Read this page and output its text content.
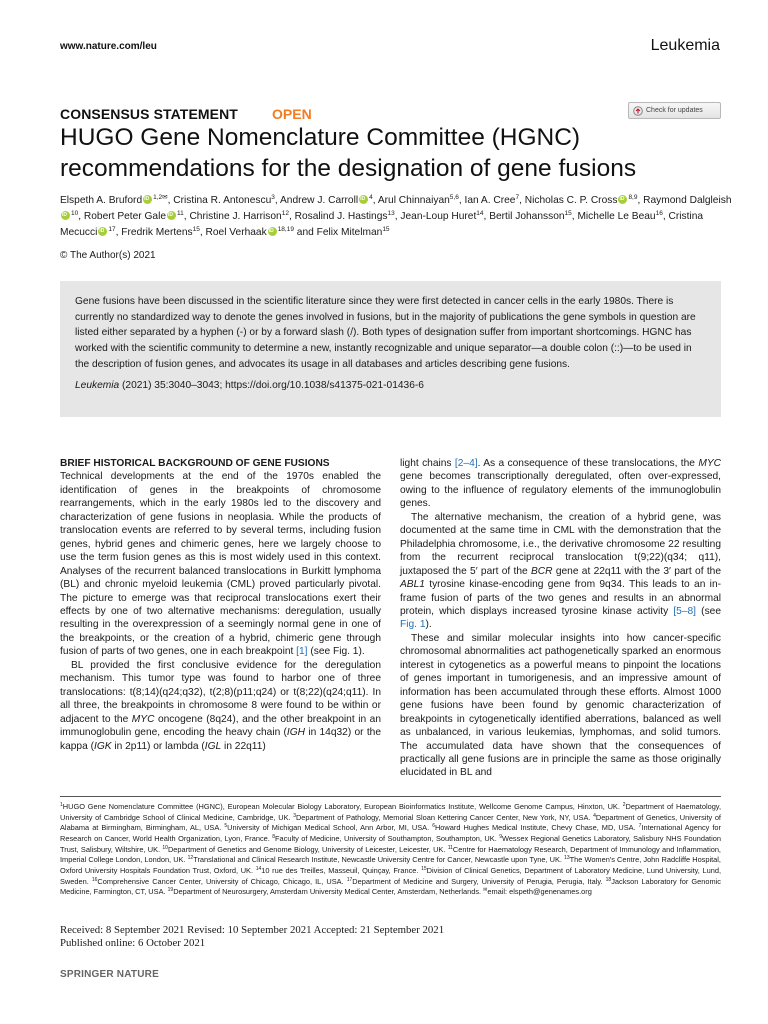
www.nature.com/leu	Leukemia
CONSENSUS STATEMENT OPEN	Check for updates
HUGO Gene Nomenclature Committee (HGNC) recommendations for the designation of gene fusions
Elspeth A. Bruford iD $^{1,2✉}$, Cristina R. Antonescu$^3$, Andrew J. Carroll iD $^4$, Arul Chinnaiyan$^{5,6}$, Ian A. Cree$^7$, Nicholas C. P. Cross iD $^{8,9}$, Raymond DalgleishiD$^{10}$, Robert Peter Gale iD $^{11}$, Christine J. Harrison$^{12}$, Rosalind J. Hastings$^{13}$, Jean-Loup Huret$^{14}$, Bertil Johansson$^{15}$, Michelle Le Beau$^{16}$, Cristina Mecucci iD $^{17}$, Fredrik Mertens$^{15}$, Roel Verhaak iD $^{18,19}$ and Felix Mitelman$^{15}$
© The Author(s) 2021

Gene fusions have been discussed in the scientific literature since they were first detected in cancer cells in the early 1980s. There is currently no standardized way to denote the genes involved in fusions, but in the majority of publications the gene symbols in question are listed either separated by a hyphen (-) or by a forward slash (/). Both types of designation suffer from important shortcomings. HGNC has worked with the scientific community to determine a new, instantly recognizable and unique separator—a double colon (::)—to be used in the description of fusion genes, and advocates its usage in all databases and articles describing gene fusions.

Leukemia (2021) 35:3040–3043; https://doi.org/10.1038/s41375-021-01436-6

BRIEF HISTORICAL BACKGROUND OF GENE FUSIONS

Technical developments at the end of the 1970s enabled the identification of genes in the breakpoints of chromosome rearrangements, which in the early 1980s led to the discovery and characterization of gene fusions in neoplasia. While the products of translocation events are referred to by several terms, including fusion genes, hybrid genes and chimeric genes, here we largely choose to use the term fusion genes as this is most widely used in this context. Analyses of the recurrent balanced translocations in Burkitt lymphoma (BL) and chronic myeloid leukemia (CML) proved particularly pivotal. The picture to emerge was that reciprocal translocations exert their effects by one of two alternative mechanisms: deregulation, usually resulting in the overexpression of a seemingly normal gene in one of the breakpoints, or the creation of a hybrid, chimeric gene through fusion of parts of two genes, one in each breakpoint [1] (see Fig. 1).

BL provided the first conclusive evidence for the deregulation mechanism. This tumor type was found to harbor one of three translocations: t(8;14)(q24;q32), t(2;8)(p11;q24) or t(8;22)(q24;q11). In all three, the breakpoints in chromosome 8 were found to be within or adjacent to the MYC oncogene (8q24), and the other breakpoint in an immunoglobulin gene, encoding the heavy chain (IGH in 14q32) or the kappa (IGK in 2p11) or lambda (IGL in 22q11)

light chains [2–4]. As a consequence of these translocations, the MYC gene becomes transcriptionally deregulated, often over-expressed, owing to the influence of regulatory elements of the immunoglobulin genes.

The alternative mechanism, the creation of a hybrid gene, was documented at the same time in CML with the demonstration that the Philadelphia chromosome, i.e., the derivative chromosome 22 resulting from the recurrent reciprocal translocation t(9;22)(q34; q11), juxtaposed the 5′ part of the BCR gene at 22q11 with the 3′ part of the ABL1 tyrosine kinase-encoding gene from 9q34. This leads to an in-frame fusion of parts of the two genes and results in an abnormal protein, which displays increased tyrosine kinase activity [5–8] (see Fig. 1).

These and similar molecular insights into how cancer-specific chromosomal abnormalities act pathogenetically sparked an enormous interest in cytogenetics as a powerful means to pinpoint the locations of genes important in tumorigenesis, and an impressive amount of information has been accumulated through these efforts. Almost 1000 gene fusions have been found by genomic characterization of breakpoints in cytogenetically identified aberrations, balanced as well as unbalanced, in various leukemias, lymphomas, and solid tumors. The accumulated data have shown that the consequences of practically all gene fusions are in principle the same as those originally elucidated in BL and

$^1$HUGO Gene Nomenclature Committee (HGNC), European Molecular Biology Laboratory, European Bioinformatics Institute, Wellcome Genome Campus, Hinxton, UK. $^2$Department of Haematology, University of Cambridge School of Clinical Medicine, Cambridge, UK. $^3$Department of Pathology, Memorial Sloan Kettering Cancer Center, New York, NY, USA. $^4$Department of Genetics, University of Alabama at Birmingham, Birmingham, AL, USA. $^5$University of Michigan Medical School, Ann Arbor, MI, USA. $^6$Howard Hughes Medical Institute, Chevy Chase, MD, USA. $^7$International Agency for Research on Cancer, World Health Organization, Lyon, France. $^8$Faculty of Medicine, University of Southampton, Southampton, UK. $^9$Wessex Regional Genetics Laboratory, Salisbury NHS Foundation Trust, Salisbury, Wiltshire, UK. $^{10}$Department of Genetics and Genome Biology, University of Leicester, Leicester, UK. $^{11}$Centre for Haematology Research, Department of Immunology and Inflammation, Imperial College London, London, UK. $^{12}$Translational and Clinical Research Institute, Newcastle University Centre for Cancer, Newcastle upon Tyne, UK. $^{13}$The Women's Centre, John Radcliffe Hospital, Oxford University Hospitals Foundation Trust, Oxford, UK. $^{14}$10 rue des Treilles, Masseuil, Quinçay, France. $^{15}$Division of Clinical Genetics, Department of Laboratory Medicine, Lund University, Lund, Sweden. $^{16}$Comprehensive Cancer Center, University of Chicago, Chicago, IL, USA. $^{17}$Department of Medicine and Surgery, University of Perugia, Perugia, Italy. $^{18}$Jackson Laboratory for Genomic Medicine, Farmington, CT, USA. $^{19}$Department of Neurosurgery, Amsterdam University Medical Center, Amsterdam, Netherlands. ✉email: elspeth@genenames.org
Received: 8 September 2021 Revised: 10 September 2021 Accepted: 21 September 2021
Published online: 6 October 2021
SPRINGER NATURE
